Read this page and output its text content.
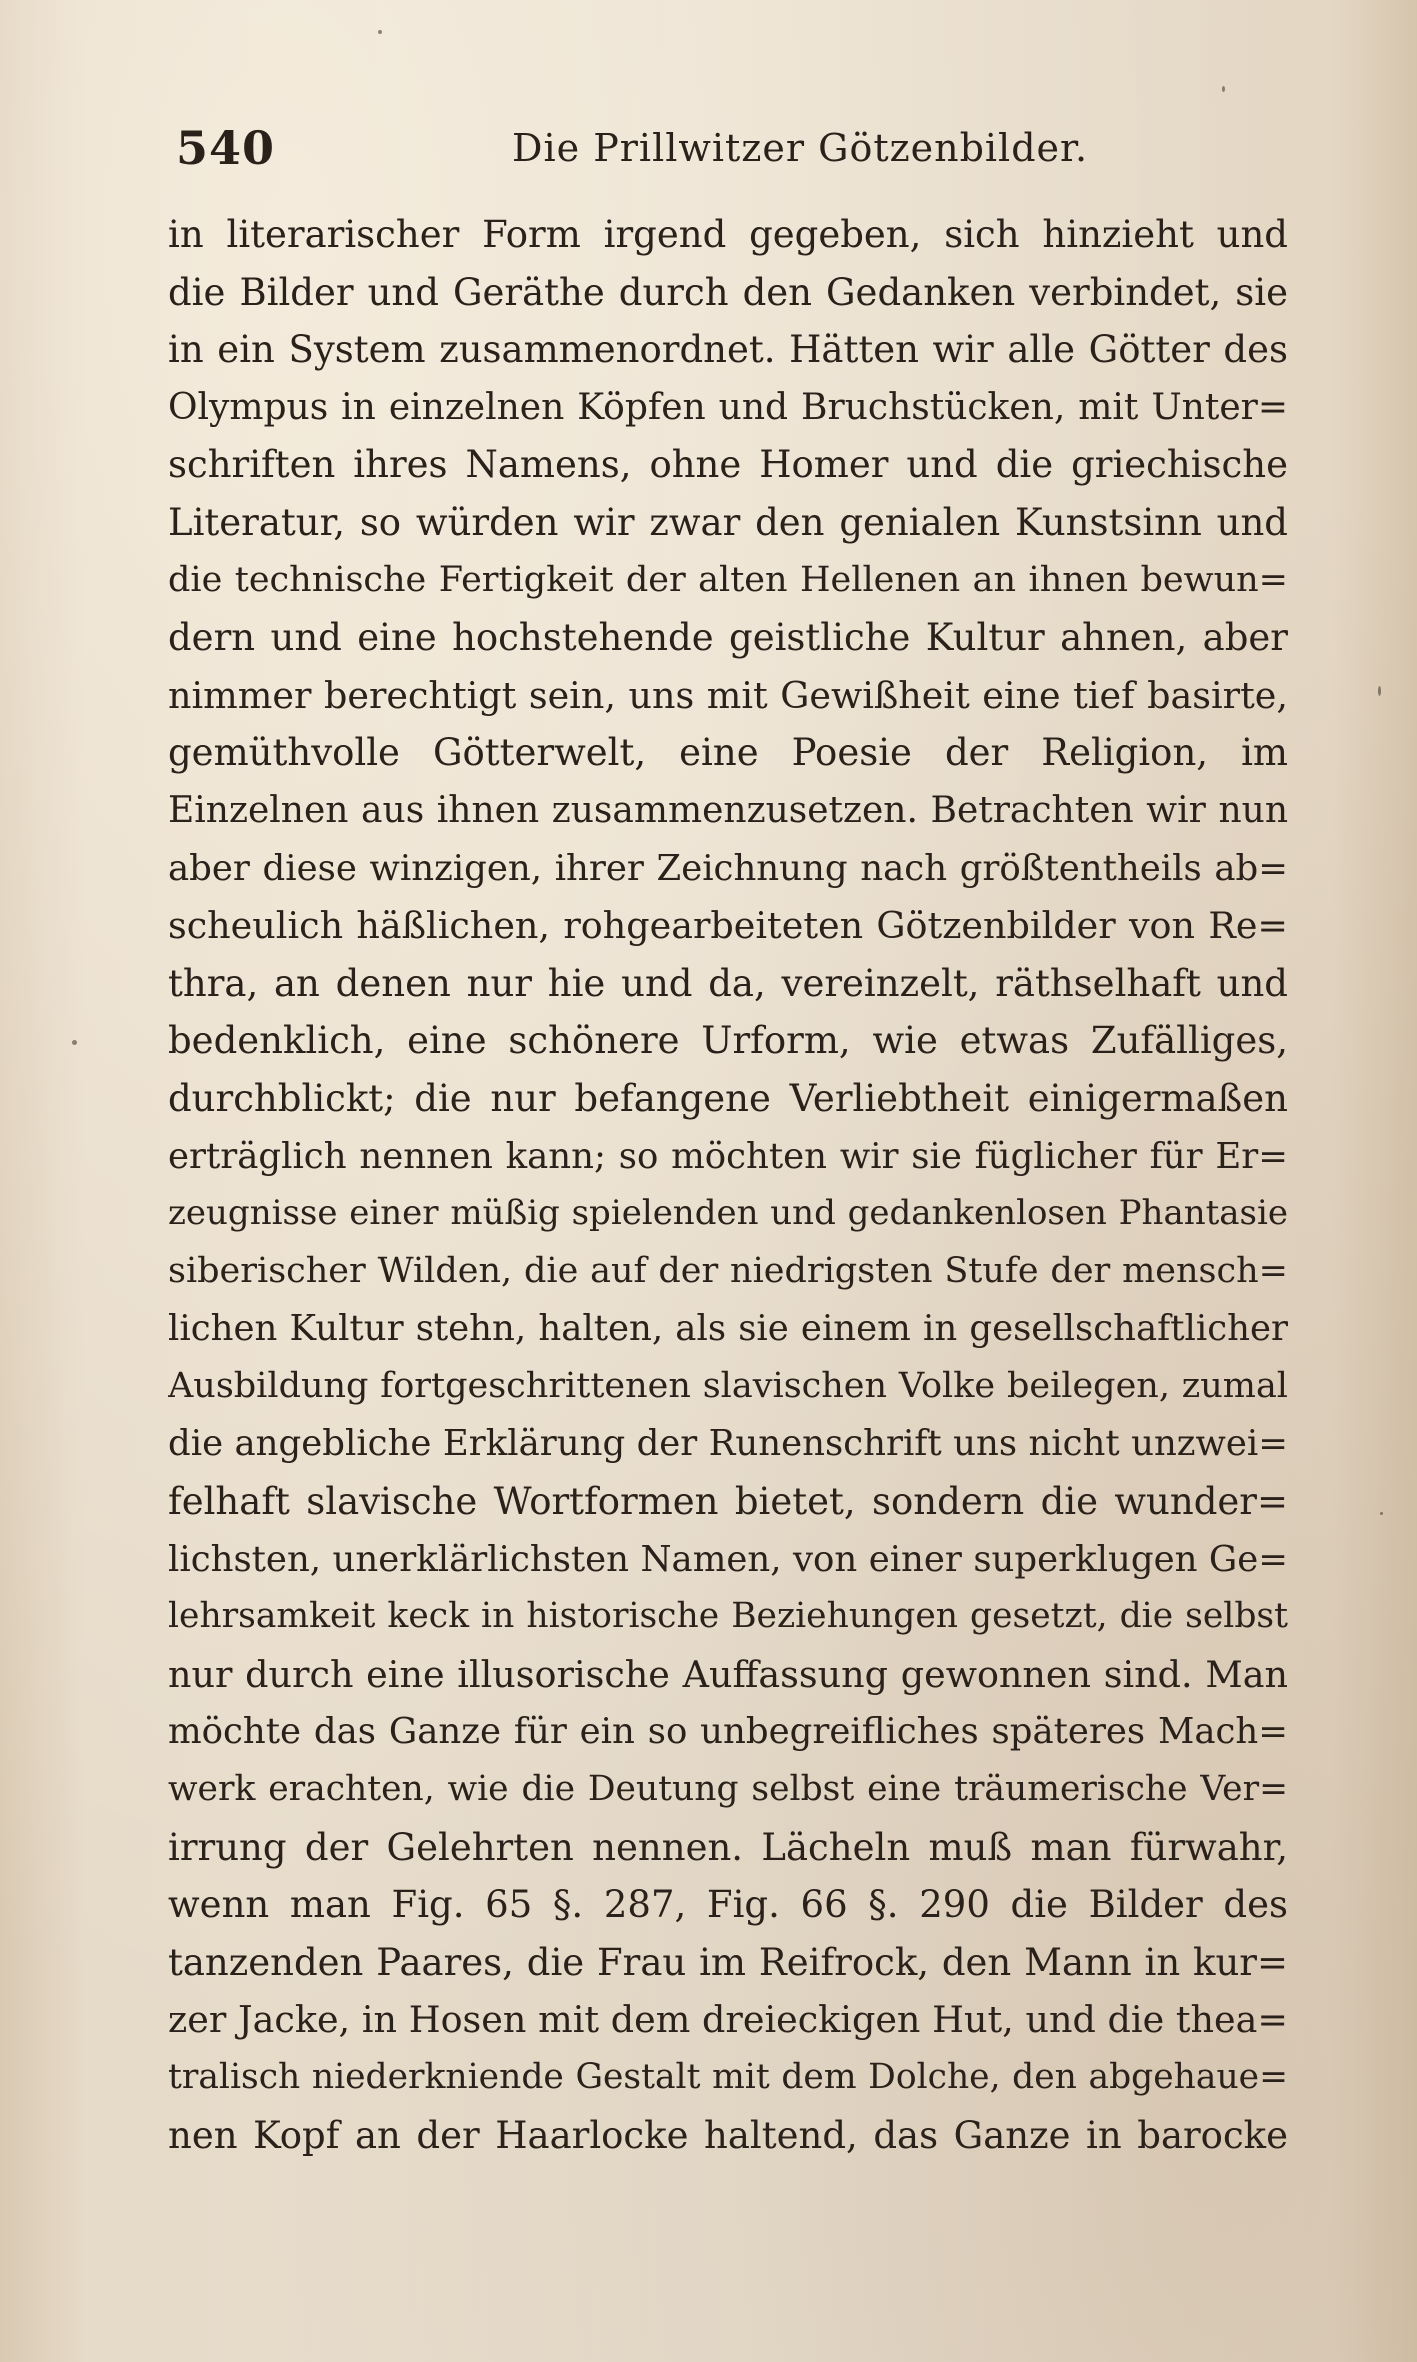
540	Die Prillwitzer Götzenbilder.
in literarischer Form irgend gegeben, sich hinzieht und
die Bilder und Geräthe durch den Gedanken verbindet, sie
in ein System zusammenordnet. Hätten wir alle Götter des
Olympus in einzelnen Köpfen und Bruchstücken, mit Unter=
schriften ihres Namens, ohne Homer und die griechische
Literatur, so würden wir zwar den genialen Kunstsinn und
die technische Fertigkeit der alten Hellenen an ihnen bewun=
dern und eine hochstehende geistliche Kultur ahnen, aber
nimmer berechtigt sein, uns mit Gewißheit eine tief basirte,
gemüthvolle Götterwelt, eine Poesie der Religion, im
Einzelnen aus ihnen zusammenzusetzen. Betrachten wir nun
aber diese winzigen, ihrer Zeichnung nach größtentheils ab=
scheulich häßlichen, rohgearbeiteten Götzenbilder von Re=
thra, an denen nur hie und da, vereinzelt, räthselhaft und
bedenklich, eine schönere Urform, wie etwas Zufälliges,
durchblickt; die nur befangene Verliebtheit einigermaßen
erträglich nennen kann; so möchten wir sie füglicher für Er=
zeugnisse einer müßig spielenden und gedankenlosen Phantasie
siberischer Wilden, die auf der niedrigsten Stufe der mensch=
lichen Kultur stehn, halten, als sie einem in gesellschaftlicher
Ausbildung fortgeschrittenen slavischen Volke beilegen, zumal
die angebliche Erklärung der Runenschrift uns nicht unzwei=
felhaft slavische Wortformen bietet, sondern die wunder=
lichsten, unerklärlichsten Namen, von einer superklugen Ge=
lehrsamkeit keck in historische Beziehungen gesetzt, die selbst
nur durch eine illusorische Auffassung gewonnen sind. Man
möchte das Ganze für ein so unbegreifliches späteres Mach=
werk erachten, wie die Deutung selbst eine träumerische Ver=
irrung der Gelehrten nennen. Lächeln muß man fürwahr,
wenn man Fig. 65 §. 287, Fig. 66 §. 290 die Bilder des
tanzenden Paares, die Frau im Reifrock, den Mann in kur=
zer Jacke, in Hosen mit dem dreieckigen Hut, und die thea=
tralisch niederkniende Gestalt mit dem Dolche, den abgehaue=
nen Kopf an der Haarlocke haltend, das Ganze in barocke
